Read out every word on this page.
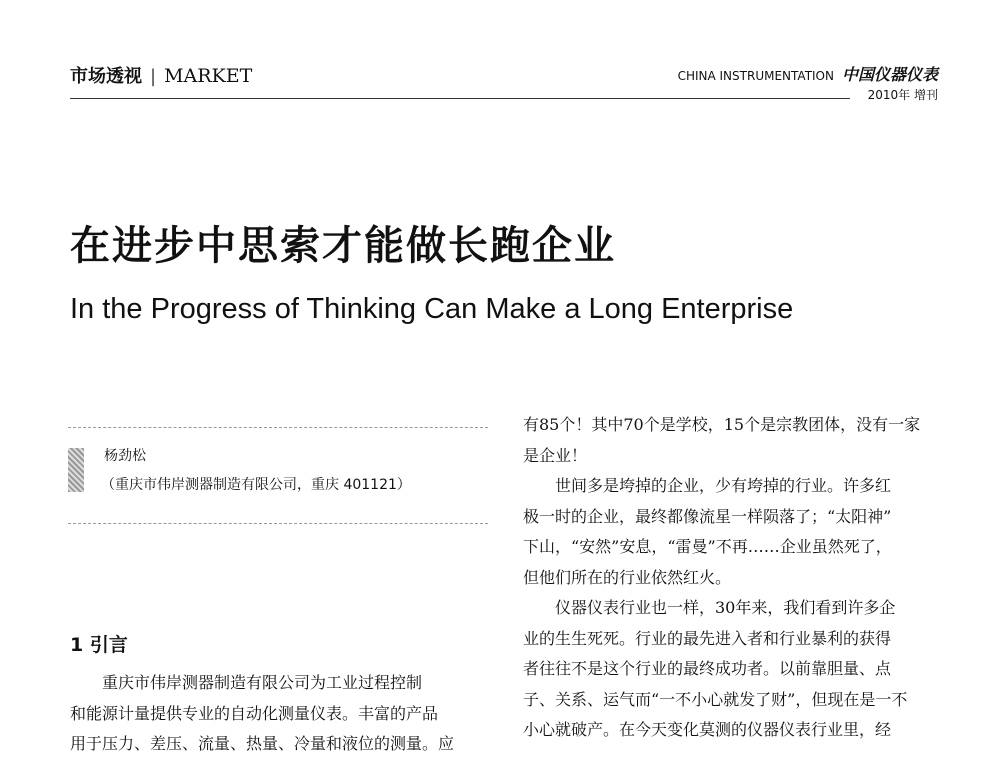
市场透视 | MARKET	CHINA INSTRUMENTATION 中国仪器仪表
2010年 增刊
在进步中思索才能做长跑企业
In the Progress of Thinking Can Make a Long Enterprise
杨劲松
（重庆市伟岸测器制造有限公司，重庆 401121）
1 引言
重庆市伟岸测器制造有限公司为工业过程控制
和能源计量提供专业的自动化测量仪表。丰富的产品
用于压力、差压、流量、热量、冷量和液位的测量。应
有85个！其中70个是学校，15个是宗教团体，没有一家
是企业！
世间多是垮掉的企业，少有垮掉的行业。许多红
极一时的企业，最终都像流星一样陨落了；“太阳神”
下山，“安然”安息，“雷曼”不再……企业虽然死了，
但他们所在的行业依然红火。
仪器仪表行业也一样，30年来，我们看到许多企
业的生生死死。行业的最先进入者和行业暴利的获得
者往往不是这个行业的最终成功者。以前靠胆量、点
子、关系、运气而“一不小心就发了财”，但现在是一不
小心就破产。在今天变化莫测的仪器仪表行业里，经
